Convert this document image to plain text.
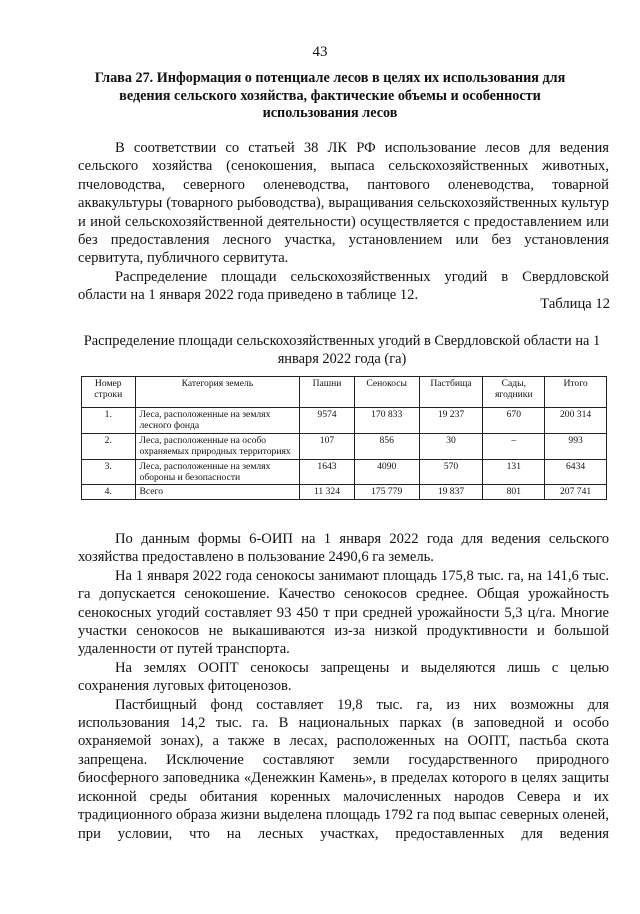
43
Глава 27. Информация о потенциале лесов в целях их использования для ведения сельского хозяйства, фактические объемы и особенности использования лесов

В соответствии со статьей 38 ЛК РФ использование лесов для ведения сельского хозяйства (сенокошения, выпаса сельскохозяйственных животных, пчеловодства, северного оленеводства, пантового оленеводства, товарной аквакультуры (товарного рыбоводства), выращивания сельскохозяйственных культур и иной сельскохозяйственной деятельности) осуществляется с предоставлением или без предоставления лесного участка, установлением или без установления сервитута, публичного сервитута.

Распределение площади сельскохозяйственных угодий в Свердловской области на 1 января 2022 года приведено в таблице 12.

Таблица 12
Распределение площади сельскохозяйственных угодий в Свердловской области на 1 января 2022 года (га)
Номер строки	Категория земель	Пашни	Сенокосы	Пастбища	Сады, ягодники	Итого
1.	Леса, расположенные на землях лесного фонда	9574	170 833	19 237	670	200 314
2.	Леса, расположенные на особо охраняемых природных территориях	107	856	30	–	993
3.	Леса, расположенные на землях обороны и безопасности	1643	4090	570	131	6434
4.	Всего	11 324	175 779	19 837	801	207 741

По данным формы 6-ОИП на 1 января 2022 года для ведения сельского хозяйства предоставлено в пользование 2490,6 га земель.

На 1 января 2022 года сенокосы занимают площадь 175,8 тыс. га, на 141,6 тыс. га допускается сенокошение. Качество сенокосов среднее. Общая урожайность сенокосных угодий составляет 93 450 т при средней урожайности 5,3 ц/га. Многие участки сенокосов не выкашиваются из-за низкой продуктивности и большой удаленности от путей транспорта.

На землях ООПТ сенокосы запрещены и выделяются лишь с целью сохранения луговых фитоценозов.

Пастбищный фонд составляет 19,8 тыс. га, из них возможны для использования 14,2 тыс. га. В национальных парках (в заповедной и особо охраняемой зонах), а также в лесах, расположенных на ООПТ, пастьба скота запрещена. Исключение составляют земли государственного природного биосферного заповедника «Денежкин Камень», в пределах которого в целях защиты исконной среды обитания коренных малочисленных народов Севера и их традиционного образа жизни выделена площадь 1792 га под выпас северных оленей, при условии, что на лесных участках, предоставленных для ведения
